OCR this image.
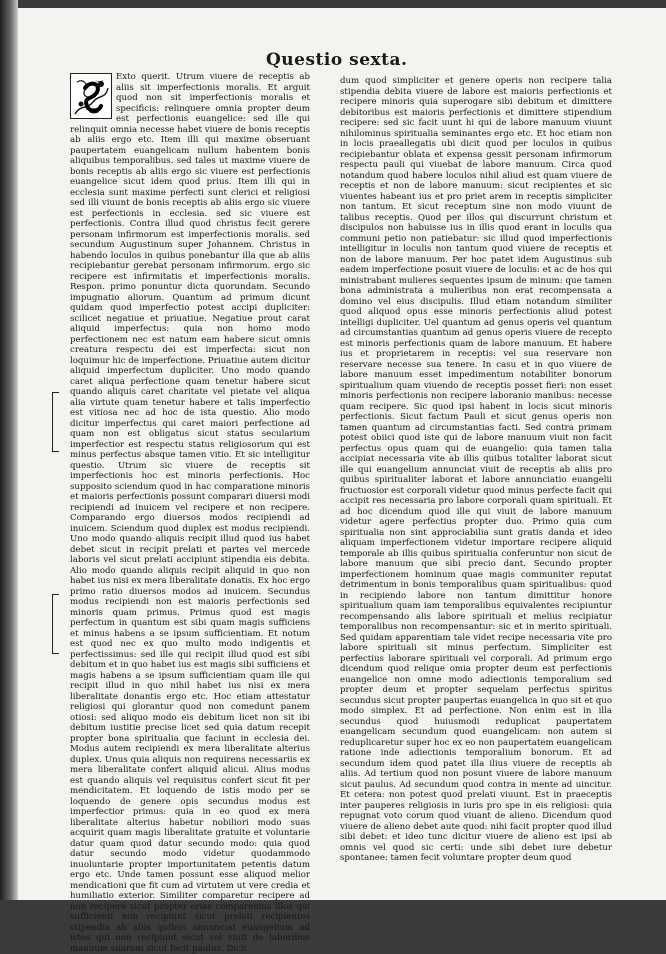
Questio sexta.

Exto querit. Utrum viuere de receptis ab aliis sit imperfectionis moralis. Et arguit quod non sit imperfectionis moralis et specificis: relinquere omnia propter deum est perfectionis euangelice: sed ille qui relinquit omnia necesse habet viuere de bonis receptis ab aliis ergo etc. Item illi qui maxime obseruant paupertatem euangelicam nullum habentem bonis aliquibus temporalibus. sed tales ut maxime viuere de bonis receptis ab aliis ergo sic viuere est perfectionis euangelice sicut idem quod prius. Item illi qui in ecclesia sunt maxime perfecti sunt clerici et religiosi sed illi viuunt de bonis receptis ab aliis ergo sic viuere est perfectionis in ecclesia. sed sic viuere est perfectionis. Contra illud quod christus fecit gerere personam infirmorum est imperfectionis moralis. sed secundum Augustinum super Johannem. Christus in habendo loculos in quibus ponebantur illa que ab aliis recipiebantur gerebat personam infirmorum. ergo sic recipere est infirmitatis et imperfectionis moralis. Respon. primo ponuntur dicta quorundam. Secundo impugnatio aliorum. Quantum ad primum dicunt quidam quod imperfectio potest accipi dupliciter: scilicet negatiue et priuatiue. Negatiue prout carat aliquid imperfectus: quia non homo modo perfectionem nec est natum eam habere sicut omnis creatura respectu dei est imperfecta: sicut non loquimur hic de imperfectione. Priuatiue autem dicitur aliquid imperfectum dupliciter. Uno modo quando caret aliqua perfectione quam tenetur habere sicut quando aliquis caret charitate vel pietate vel aliqua alia virtute quam tenetur habere et talis imperfectio est vitiosa nec ad hoc de ista questio. Alio modo dicitur imperfectus qui caret maiori perfectione ad quam non est obligatus sicut status secularium imperfectior est respectu status religiosorum qui est minus perfectus absque tamen vitio. Et sic intelligitur questio. Utrum sic viuere de receptis sit imperfectionis hoc est minoris perfectionis. Hoc supposito sciendum quod in hac comparatione minoris et maioris perfectionis possunt comparari diuersi modi recipiendi ad inuicem vel recipere et non recipere. Comparando ergo diuersos modos recipiendi ad inuicem. Sciendum quod duplex est modus recipiendi. Uno modo quando aliquis recipit illud quod ius habet debet sicut in recipit prelati et partes vel mercede laboris vel sicut prelati accipiunt stipendia eis debita. Alio modo quando aliquis recipit aliquid in quo non habet ius nisi ex mera liberalitate donatis. Ex hoc ergo primo ratio diuersos modos ad inuicem. Secundus modus recipiendi non est maioris perfectionis sed minoris quam primus. Primus quod est magis perfectum in quantum est sibi quam magis sufficiens et minus habens a se ipsum sufficientiam. Et notum est quod nec ex quo multo modo indigentis et perfectissimus: sed ille qui recipit illud quod est sibi debitum et in quo habet ius est magis sibi sufficiens et magis habens a se ipsum sufficientiam quam ille qui recipit illud in quo nihil habet ius nisi ex mera liberalitate donantis ergo etc. Hoc etiam attestatur religiosi qui glorantur quod non comedunt panem otiosi: sed aliquo modo eis debitum licet non sit ibi debitum iustitie precise licet sed quia datum recepit propter bona spiritualia que faciunt in ecclesia dei. Modus autem recipiendi ex mera liberalitate alterius duplex. Unus quia aliquis non requirens necessariis ex mera liberalitate confert aliquid alicui. Alius modus est quando aliquis vel requisitus confert sicut fit per mendicitatem. Et loquendo de istis modo per se loquendo de genere opis secundus modus est imperfectior primus: quia in eo quod ex mera liberalitate alterius habetur nobiliori modo suas acquirit quam magis liberalitate gratuite et voluntarie datur quam quod datur secundo modo: quia quod datur secundo modo videtur quodammodo inuoluntarie propter importunitatem petentis datum ergo etc. Unde tamen possunt esse aliquod melior mendicationi que fit cum ad virtutem ut vere credia et humiliatio exterior. Similiter comparetur recipere ad non recipere sicut propter erias comparemus illos qui sufficienti non recipiunt sicut prelati recipientes stipendia ab aliis quibus annunciat euangelium ad istos qui non recipiunt sicut vel viuit de laboribus manuum suarum sicut fecit paulus. Dicit

dum quod simpliciter et genere operis non recipere talia stipendia debita viuere de labore est maioris perfectionis et recipere minoris quia superogare sibi debitum et dimittere debitoribus est maioris perfectionis et dimittere stipendium recipere: sed sic facit uunt hi qui de labore manuum viuunt nihilominus spiritualia seminantes ergo etc. Et hoc etiam non in locis praeallegatis ubi dicit quod per loculos in quibus recipiebantur oblata et expensa gessit personam infirmorum respectu pauli qui viuebat de labore manuum. Circa quod notandum quod habere loculos nihil aliud est quam viuere de receptis et non de labore manuum: sicut recipientes et sic viuentes habeant ius et pro priet arem in receptis simpliciter non tantum. Et sicut receptum sine non modo viuunt de talibus receptis. Quod per illos qui discurrunt christum et discipulos non habuisse ius in illis quod erant in loculis qua communi petio non patiebatur: sic illud quod imperfectionis intelligitur in loculis non tantum quod viuere de receptis et non de labore manuum. Per hoc patet idem Augustinus sub eadem imperfectione posuit viuere de loculis: et ac de hos qui ministrabant mulieres sequentes ipsum de minum: que tamen bona administrata a mulieribus non erat recompensata a domino vel eius discipulis. Illud etiam notandum similiter quod aliquod opus esse minoris perfectionis aliud potest intelligi dupliciter. Uel quantum ad genus operis vel quantum ad circumstantias quantum ad genus operis viuere de recepto est minoris perfectionis quam de labore manuum. Et habere ius et proprietarem in receptis: vel sua reservare non reservare necesse sua tenere. In casu et in quo viuere de labore manuum esset impedimentum notabiliter bonorum spiritualium quam viuendo de receptis posset fieri: non esset minoris perfectionis non recipere laboranio manibus: necesse quam recipere. Sic quod ipsi habent in locis sicut minoris perfectionis. Sicut factum Pauli et sicut genus operis non tamen quantum ad circumstantias facti. Sed contra primam potest obiici quod iste qui de labore manuum viuit non facit perfectus opus quam qui de euangelio: quia tamen talia accipiat necessaria vite ab illis quibus totaliter laborat sicut ille qui euangelium annunciat viuit de receptis ab aliis pro quibus spiritualiter laborat et labore annunciatio euangelii fructuosior est corporali videtur quod minus perfecte facit qui accipit res necessaria pro labore corporali quam spirituali. Et ad hoc dicendum quod ille qui viuit de labore manuum videtur agere perfectius propter duo. Primo quia cum spiritualia non sint approciabilia sunt gratis danda et ideo aliquam imperfectionem videtur importare recipere aliquid temporale ab illis quibus spiritualia conferuntur non sicut de labore manuum que sibi precio dant. Secundo propter imperfectionem hominum quae magis communiter reputat detrimentum in bonis temporalibus quam spiritualibus: quod in recipiendo labore non tantum dimittitur honore spiritualium quam iam temporalibus equivalentes recipiuntur recompensando alis labore spirituali et melius recipiatur temporalibus non recompensantur: sic et in merito spirituali. Sed quidam apparentiam tale videt recipe necessaria vite pro labore spirituali sit minus perfectum. Simpliciter est perfectius laborare spirituali vel corporali. Ad primum ergo dicendum quod relique omia propter deum est perfectionis euangelice non omne modo adiectionis temporalium sed propter deum et propter sequelam perfectus spiritus secundus sicut propter paupertas euangelica in quo sit et quo modo simplex. Et ad perfectione. Non enim est in illa secundus quod huiusmodi reduplicat paupertatem euangelicam secundum quod euangelicam: non autem si reduplicaretur super hoc ex eo non paupertatem euangelicam ratione inde adiectionis temporalium bonorum. Et ad secundum idem quod patet illa ilius viuere de receptis ab aliis. Ad tertium quod non posunt viuere de labore manuum sicut paulus. Ad secundum quod contra in mente ad uincitur. Et cetera: non potest quod prelati viuunt. Est in praeceptis inter pauperes religiosis in iuris pro spe in eis religiosi: quia repugnat voto corum quod viuant de alieno. Dicendum quod viuere de alieno debet aute quod: nihi facit propter quod illud sibi debet: et ideo tunc dicitur viuere de alieno est ipsi ab omnis vel quod sic certi: unde sibi debet iure debetur spontanee: tamen fecit voluntare propter deum quod
